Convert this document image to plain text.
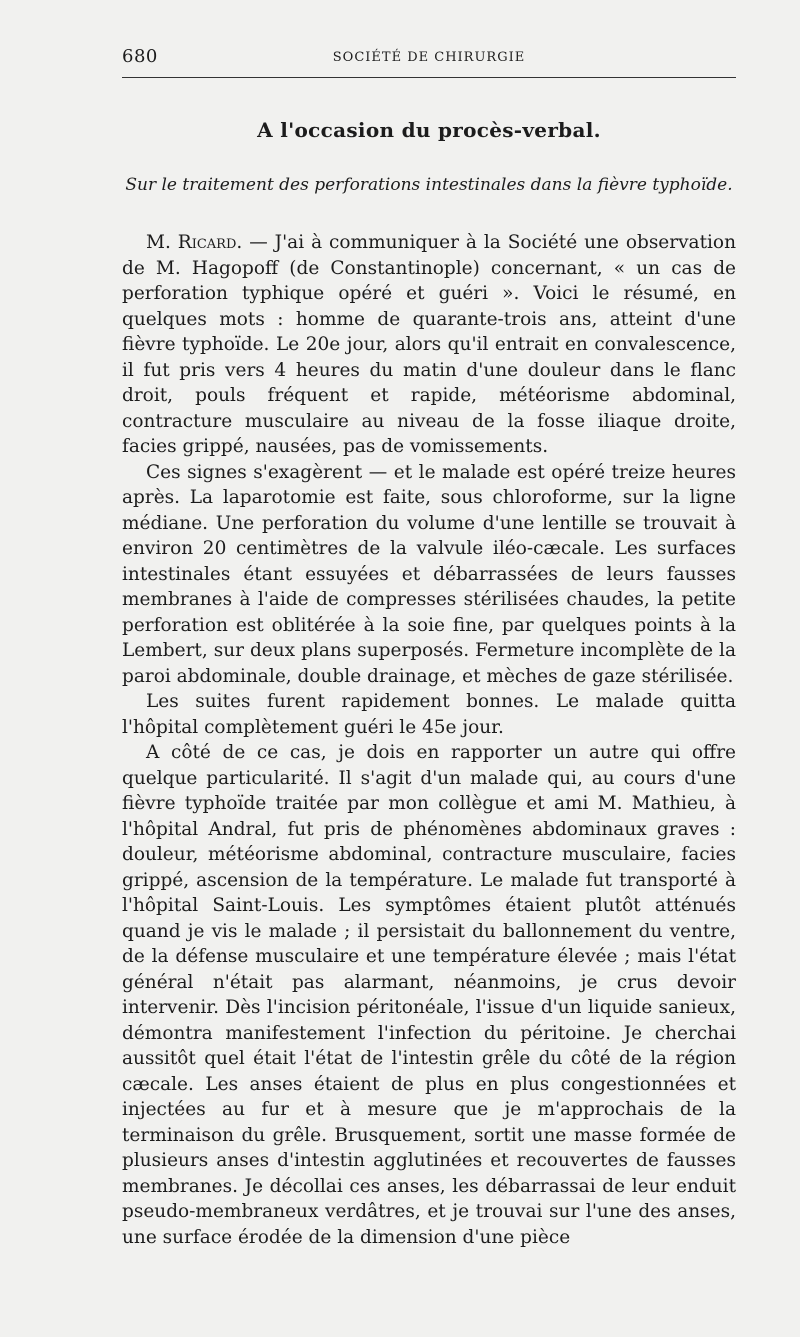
680	SOCIÉTÉ DE CHIRURGIE
A l'occasion du procès-verbal.
Sur le traitement des perforations intestinales dans la fièvre typhoïde.

M. Ricard. — J'ai à communiquer à la Société une observation de M. Hagopoff (de Constantinople) concernant, « un cas de perforation typhique opéré et guéri ». Voici le résumé, en quelques mots : homme de quarante-trois ans, atteint d'une fièvre typhoïde. Le 20e jour, alors qu'il entrait en convalescence, il fut pris vers 4 heures du matin d'une douleur dans le flanc droit, pouls fréquent et rapide, météorisme abdominal, contracture musculaire au niveau de la fosse iliaque droite, facies grippé, nausées, pas de vomissements.

Ces signes s'exagèrent — et le malade est opéré treize heures après. La laparotomie est faite, sous chloroforme, sur la ligne médiane. Une perforation du volume d'une lentille se trouvait à environ 20 centimètres de la valvule iléo-cæcale. Les surfaces intestinales étant essuyées et débarrassées de leurs fausses membranes à l'aide de compresses stérilisées chaudes, la petite perforation est oblitérée à la soie fine, par quelques points à la Lembert, sur deux plans superposés. Fermeture incomplète de la paroi abdominale, double drainage, et mèches de gaze stérilisée.

Les suites furent rapidement bonnes. Le malade quitta l'hôpital complètement guéri le 45e jour.

A côté de ce cas, je dois en rapporter un autre qui offre quelque particularité. Il s'agit d'un malade qui, au cours d'une fièvre typhoïde traitée par mon collègue et ami M. Mathieu, à l'hôpital Andral, fut pris de phénomènes abdominaux graves : douleur, météorisme abdominal, contracture musculaire, facies grippé, ascension de la température. Le malade fut transporté à l'hôpital Saint-Louis. Les symptômes étaient plutôt atténués quand je vis le malade ; il persistait du ballonnement du ventre, de la défense musculaire et une température élevée ; mais l'état général n'était pas alarmant, néanmoins, je crus devoir intervenir. Dès l'incision péritonéale, l'issue d'un liquide sanieux, démontra manifestement l'infection du péritoine. Je cherchai aussitôt quel était l'état de l'intestin grêle du côté de la région cæcale. Les anses étaient de plus en plus congestionnées et injectées au fur et à mesure que je m'approchais de la terminaison du grêle. Brusquement, sortit une masse formée de plusieurs anses d'intestin agglutinées et recouvertes de fausses membranes. Je décollai ces anses, les débarrassai de leur enduit pseudo-membraneux verdâtres, et je trouvai sur l'une des anses, une surface érodée de la dimension d'une pièce
